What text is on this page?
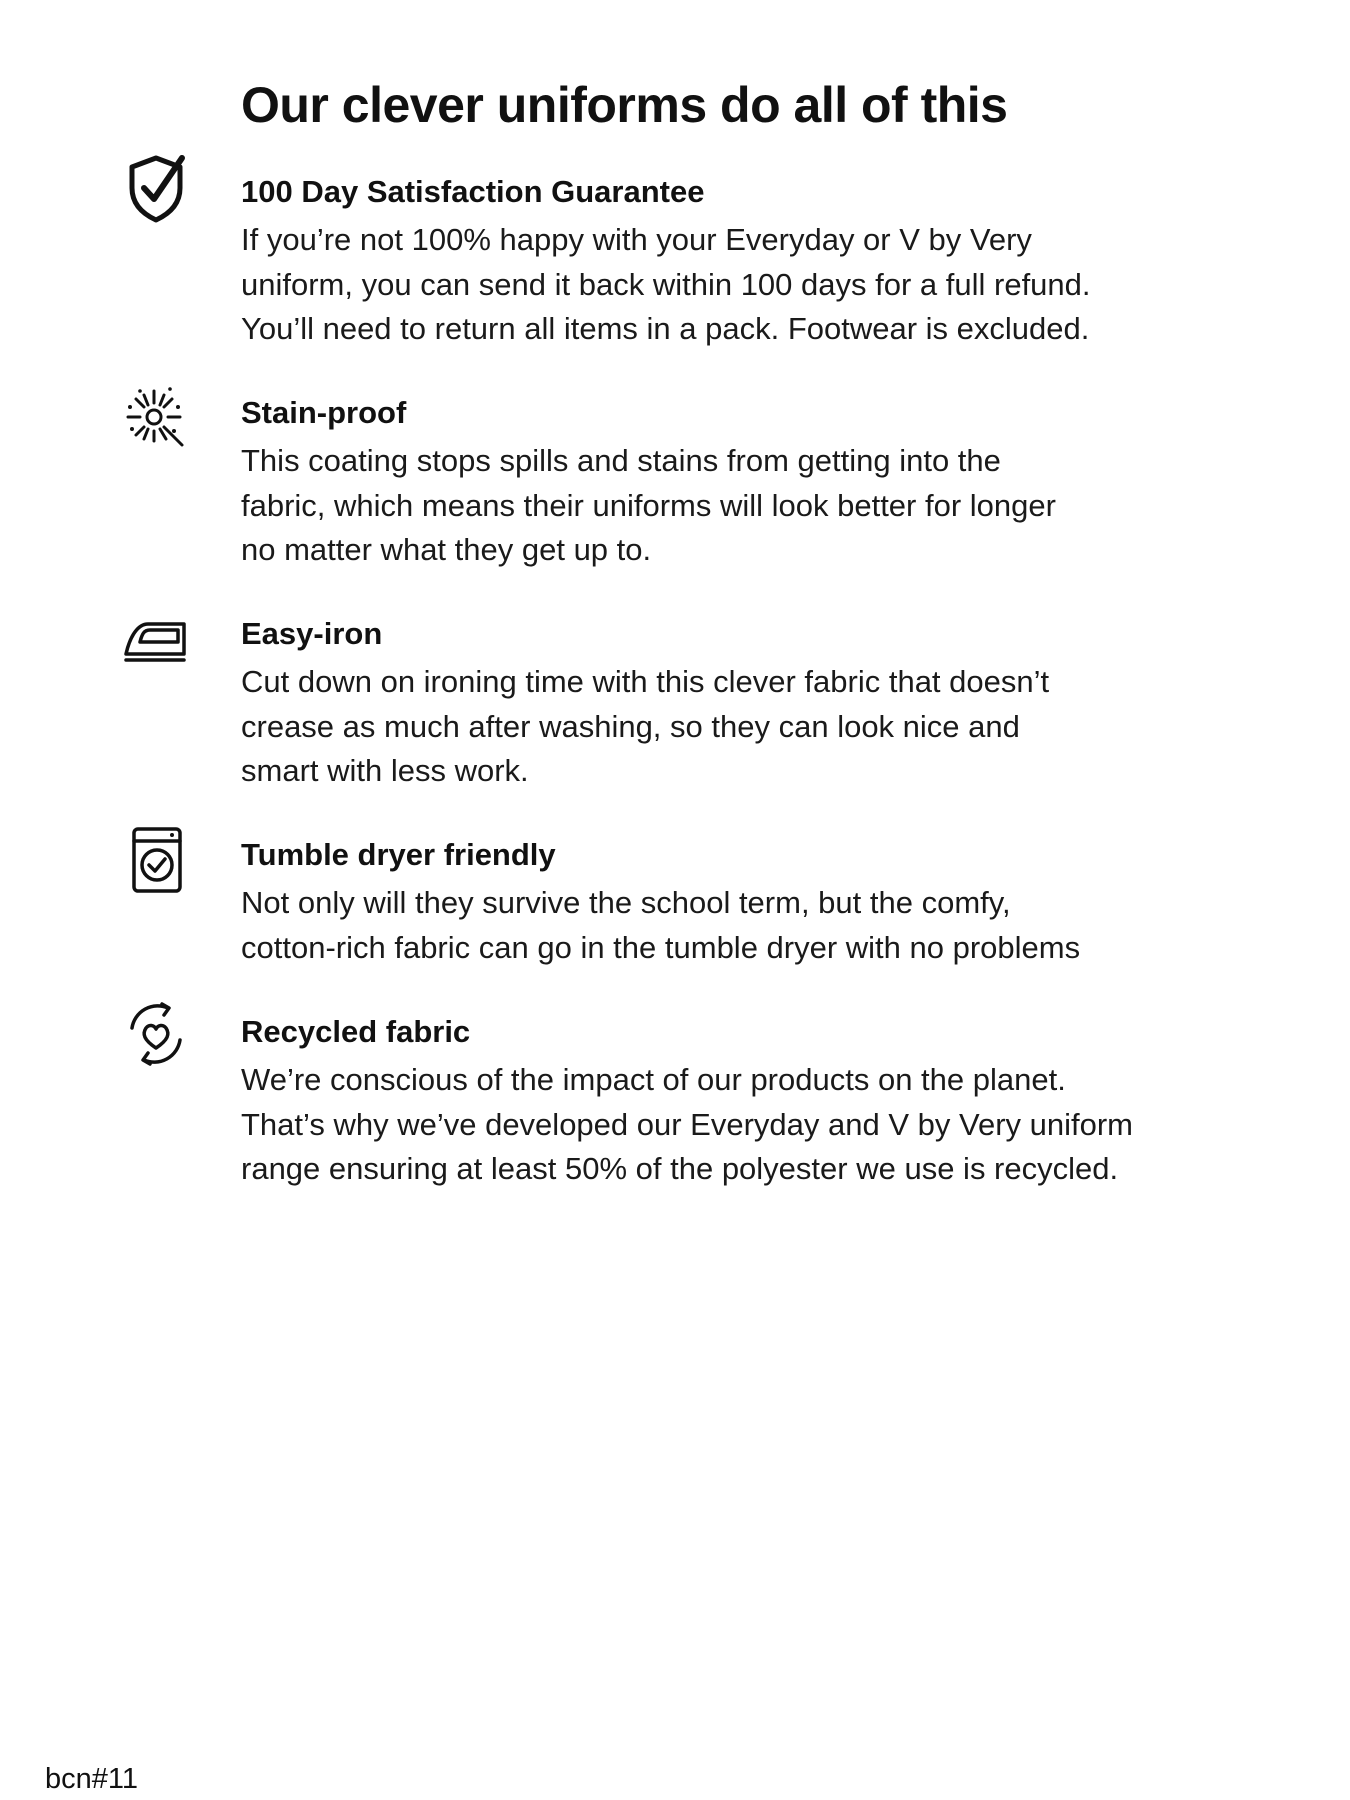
Our clever uniforms do all of this
100 Day Satisfaction Guarantee
If you’re not 100% happy with your Everyday or V by Very
uniform, you can send it back within 100 days for a full refund.
You’ll need to return all items in a pack. Footwear is excluded.
Stain-proof
This coating stops spills and stains from getting into the
fabric, which means their uniforms will look better for longer
no matter what they get up to.
Easy-iron
Cut down on ironing time with this clever fabric that doesn’t
crease as much after washing, so they can look nice and
smart with less work.
Tumble dryer friendly
Not only will they survive the school term, but the comfy,
cotton-rich fabric can go in the tumble dryer with no problems
Recycled fabric
We’re conscious of the impact of our products on the planet.
That’s why we’ve developed our Everyday and V by Very uniform
range ensuring at least 50% of the polyester we use is recycled.
bcn#11
